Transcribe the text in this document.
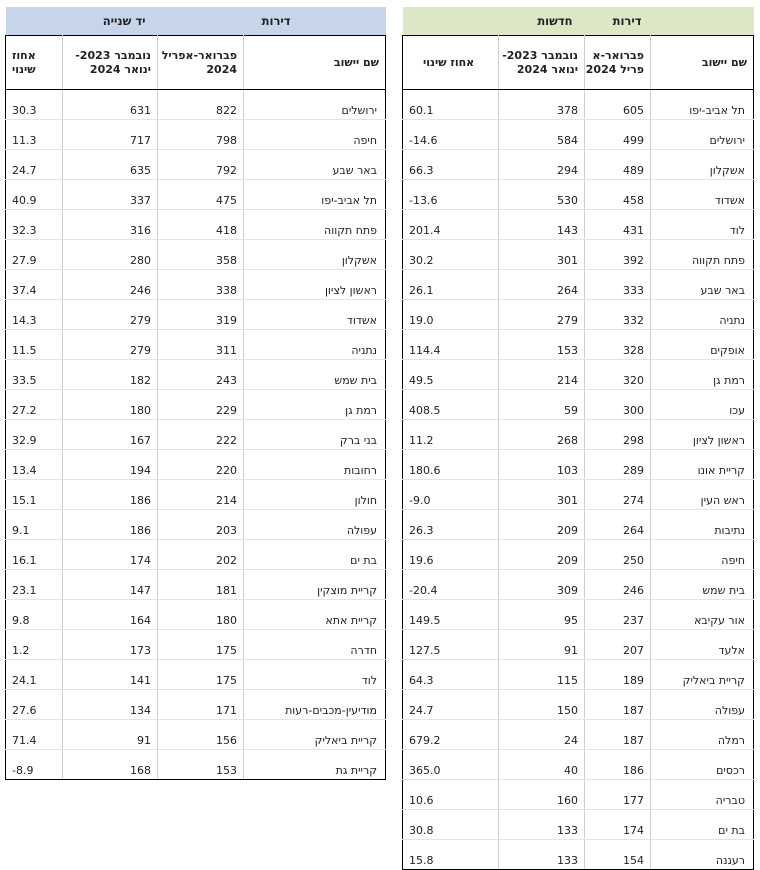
דירות		יד שנייה	
שם יישוב	פברואר-אפריל 2024	נובמבר 2023-ינואר 2024	אחוז שינוי
ירושלים	822	631	30.3
חיפה	798	717	11.3
באר שבע	792	635	24.7
תל אביב-יפו	475	337	40.9
פתח תקווה	418	316	32.3
אשקלון	358	280	27.9
ראשון לציון	338	246	37.4
אשדוד	319	279	14.3
נתניה	311	279	11.5
בית שמש	243	182	33.5
רמת גן	229	180	27.2
בני ברק	222	167	32.9
רחובות	220	194	13.4
חולון	214	186	15.1
עפולה	203	186	9.1
בת ים	202	174	16.1
קריית מוצקין	181	147	23.1
קריית אתא	180	164	9.8
חדרה	175	173	1.2
לוד	175	141	24.1
מודיעין-מכבים-רעות	171	134	27.6
קריית ביאליק	156	91	71.4
קריית גת	153	168	8.9-
דירות		חדשות	
שם יישוב	פברואר-א פריל 2024	נובמבר 2023-ינואר 2024	אחוז שינוי
תל אביב-יפו	605	378	60.1
ירושלים	499	584	14.6-
אשקלון	489	294	66.3
אשדוד	458	530	13.6-
לוד	431	143	201.4
פתח תקווה	392	301	30.2
באר שבע	333	264	26.1
נתניה	332	279	19.0
אופקים	328	153	114.4
רמת גן	320	214	49.5
עכו	300	59	408.5
ראשון לציון	298	268	11.2
קריית אונו	289	103	180.6
ראש העין	274	301	9.0-
נתיבות	264	209	26.3
חיפה	250	209	19.6
בית שמש	246	309	20.4-
אור עקיבא	237	95	149.5
אלעד	207	91	127.5
קריית ביאליק	189	115	64.3
עפולה	187	150	24.7
רמלה	187	24	679.2
רכסים	186	40	365.0
טבריה	177	160	10.6
בת ים	174	133	30.8
רעננה	154	133	15.8
